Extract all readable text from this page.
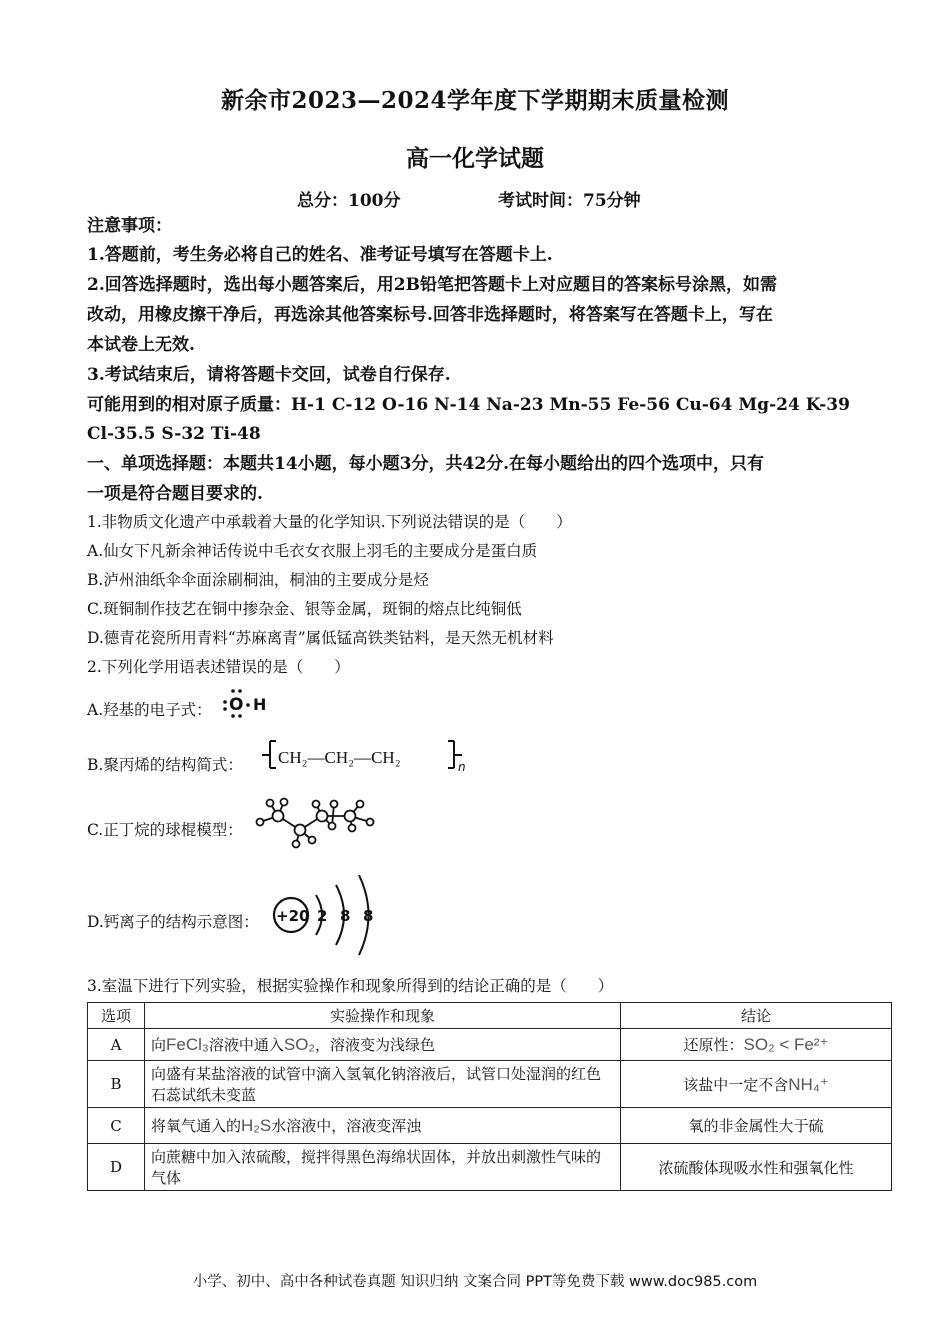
新余市2023—2024学年度下学期期末质量检测
高一化学试题
总分：100分	考试时间：75分钟
注意事项：
1.答题前，考生务必将自己的姓名、准考证号填写在答题卡上.
2.回答选择题时，选出每小题答案后，用2B铅笔把答题卡上对应题目的答案标号涂黑，如需
改动，用橡皮擦干净后，再选涂其他答案标号.回答非选择题时，将答案写在答题卡上，写在
本试卷上无效.
3.考试结束后，请将答题卡交回，试卷自行保存.
可能用到的相对原子质量：H-1 C-12 O-16 N-14 Na-23 Mn-55 Fe-56 Cu-64 Mg-24 K-39
Cl-35.5 S-32 Ti-48
一、单项选择题：本题共14小题，每小题3分，共42分.在每小题给出的四个选项中，只有
一项是符合题目要求的.
1.非物质文化遗产中承载着大量的化学知识.下列说法错误的是（　　）
A.仙女下凡新余神话传说中毛衣女衣服上羽毛的主要成分是蛋白质
B.泸州油纸伞伞面涂刷桐油，桐油的主要成分是烃
C.斑铜制作技艺在铜中掺杂金、银等金属，斑铜的熔点比纯铜低
D.德青花瓷所用青料“苏麻离青”属低锰高铁类钴料，是天然无机材料
2.下列化学用语表述错误的是（　　）
A.羟基的电子式： O H
B.聚丙烯的结构简式： CH₂—CH₂—CH₂	n
C.正丁烷的球棍模型：
D.钙离子的结构示意图： +20 2 8 8
3.室温下进行下列实验，根据实验操作和现象所得到的结论正确的是（　　）
选项	实验操作和现象	结论
A	向FeCl₃溶液中通入SO₂，溶液变为浅绿色	还原性：SO₂ < Fe²⁺
B	向盛有某盐溶液的试管中滴入氢氧化钠溶液后，试管口处湿润的红色石蕊试纸未变蓝	该盐中一定不含NH₄⁺
C	将氧气通入的H₂S水溶液中，溶液变浑浊	氧的非金属性大于硫
D	向蔗糖中加入浓硫酸，搅拌得黑色海绵状固体，并放出刺激性气味的气体	浓硫酸体现吸水性和强氧化性
小学、初中、高中各种试卷真题 知识归纳 文案合同 PPT等免费下载 www.doc985.com
